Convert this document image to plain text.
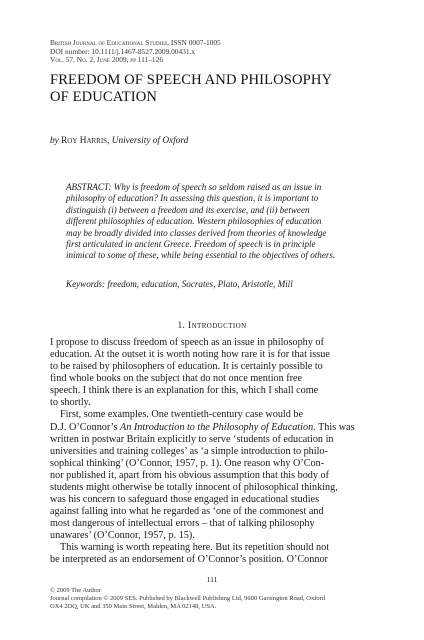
British Journal of Educational Studies, ISSN 0007-1005
DOI number: 10.1111/j.1467-8527.2009.00431.x
Vol. 57, No. 2, June 2009, pp 111–126
FREEDOM OF SPEECH AND PHILOSOPHY
OF EDUCATION
by Roy Harris, University of Oxford
ABSTRACT: Why is freedom of speech so seldom raised as an issue in
philosophy of education? In assessing this question, it is important to
distinguish (i) between a freedom and its exercise, and (ii) between
different philosophies of education. Western philosophies of education
may be broadly divided into classes derived from theories of knowledge
first articulated in ancient Greece. Freedom of speech is in principle
inimical to some of these, while being essential to the objectives of others.
Keywords: freedom, education, Socrates, Plato, Aristotle, Mill
1. Introduction
I propose to discuss freedom of speech as an issue in philosophy of
education. At the outset it is worth noting how rare it is for that issue
to be raised by philosophers of education. It is certainly possible to
find whole books on the subject that do not once mention free
speech. I think there is an explanation for this, which I shall come
to shortly.
First, some examples. One twentieth-century case would be
D.J. O’Connor’s An Introduction to the Philosophy of Education. This was
written in postwar Britain explicitly to serve ‘students of education in
universities and training colleges’ as ‘a simple introduction to philo-
sophical thinking’ (O’Connor, 1957, p. 1). One reason why O’Con-
nor published it, apart from his obvious assumption that this body of
students might otherwise be totally innocent of philosophical thinking,
was his concern to safeguard those engaged in educational studies
against falling into what he regarded as ‘one of the commonest and
most dangerous of intellectual errors – that of talking philosophy
unawares’ (O’Connor, 1957, p. 15).
This warning is worth repeating here. But its repetition should not
be interpreted as an endorsement of O’Connor’s position. O’Connor
111
© 2009 The Author
Journal compilation © 2009 SES. Published by Blackwell Publishing Ltd, 9600 Garsington Road, Oxford
OX4 2DQ, UK and 350 Main Street, Malden, MA 02148, USA.
